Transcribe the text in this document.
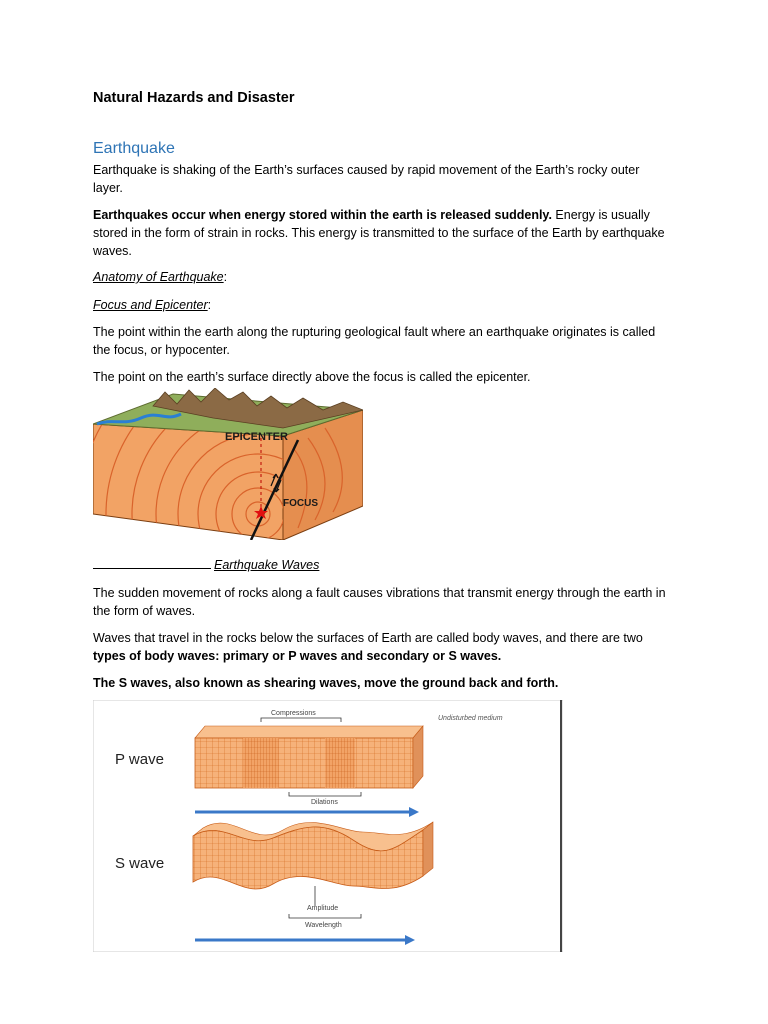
Natural Hazards and Disaster
Earthquake
Earthquake is shaking of the Earth’s surfaces caused by rapid movement of the Earth’s rocky outer layer.
Earthquakes occur when energy stored within the earth is released suddenly. Energy is usually stored in the form of strain in rocks. This energy is transmitted to the surface of the Earth by earthquake waves.
Anatomy of Earthquake:
Focus and Epicenter:
The point within the earth along the rupturing geological fault where an earthquake originates is called the focus, or hypocenter.
The point on the earth’s surface directly above the focus is called the epicenter.
EPICENTER
FOCUS
Earthquake Waves
The sudden movement of rocks along a fault causes vibrations that transmit energy through the earth in the form of waves.
Waves that travel in the rocks below the surfaces of Earth are called body waves, and there are two types of body waves: primary or P waves and secondary or S waves.
The S waves, also known as shearing waves, move the ground back and forth.
P wave
Compressions
Undisturbed medium
Dilations
S wave
Amplitude
Wavelength
